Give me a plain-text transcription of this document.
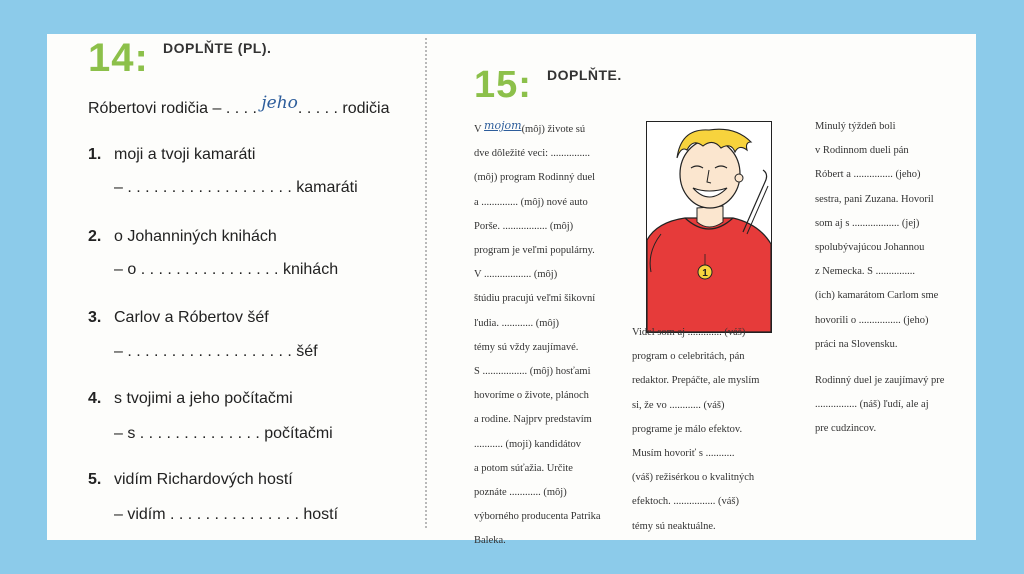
14: DOPLŇTE (PL).
Róbertovi rodičia – . . . . jeho. . . . . rodičia
1. moji a tvoji kamaráti
– . . . . . . . . . . . . . . . . . . . kamaráti
2. o Johanniných knihách
– o . . . . . . . . . . . . . . . . knihách
3. Carlov a Róbertov šéf
– . . . . . . . . . . . . . . . . . . . šéf
4. s tvojimi a jeho počítačmi
– s . . . . . . . . . . . . . . počítačmi
5. vidím Richardových hostí
– vidím . . . . . . . . . . . . . . . hostí
15: DOPLŇTE.
V mojom(môj) živote sú
dve dôležité veci: ...............
(môj) program Rodinný duel
a .............. (môj) nové auto
Porše. ................. (môj)
program je veľmi populárny.
V .................. (môj)
štúdiu pracujú veľmi šikovní
ľudia. ............ (môj)
témy sú vždy zaujímavé.
S ................. (môj) hosťami
hovoríme o živote, plánoch
a rodine. Najprv predstavím
........... (moji) kandidátov
a potom súťažia. Určite
poznáte ............ (môj)
výborného producenta Patrika
Baleka.
1
Videl som aj ............. (váš)
program o celebritách, pán
redaktor. Prepáčte, ale myslím
si, že vo ............ (váš)
programe je málo efektov.
Musím hovoriť s ...........
(váš) režisérkou o kvalitných
efektoch. ................ (váš)
témy sú neaktuálne.
Minulý týždeň boli
v Rodinnom dueli pán
Róbert a ............... (jeho)
sestra, pani Zuzana. Hovoril
som aj s .................. (jej)
spolubývajúcou Johannou
z Nemecka. S ...............
(ich) kamarátom Carlom sme
hovorili o ................ (jeho)
práci na Slovensku.
Rodinný duel je zaujímavý pre
................ (náš) ľudí, ale aj
pre cudzincov.
